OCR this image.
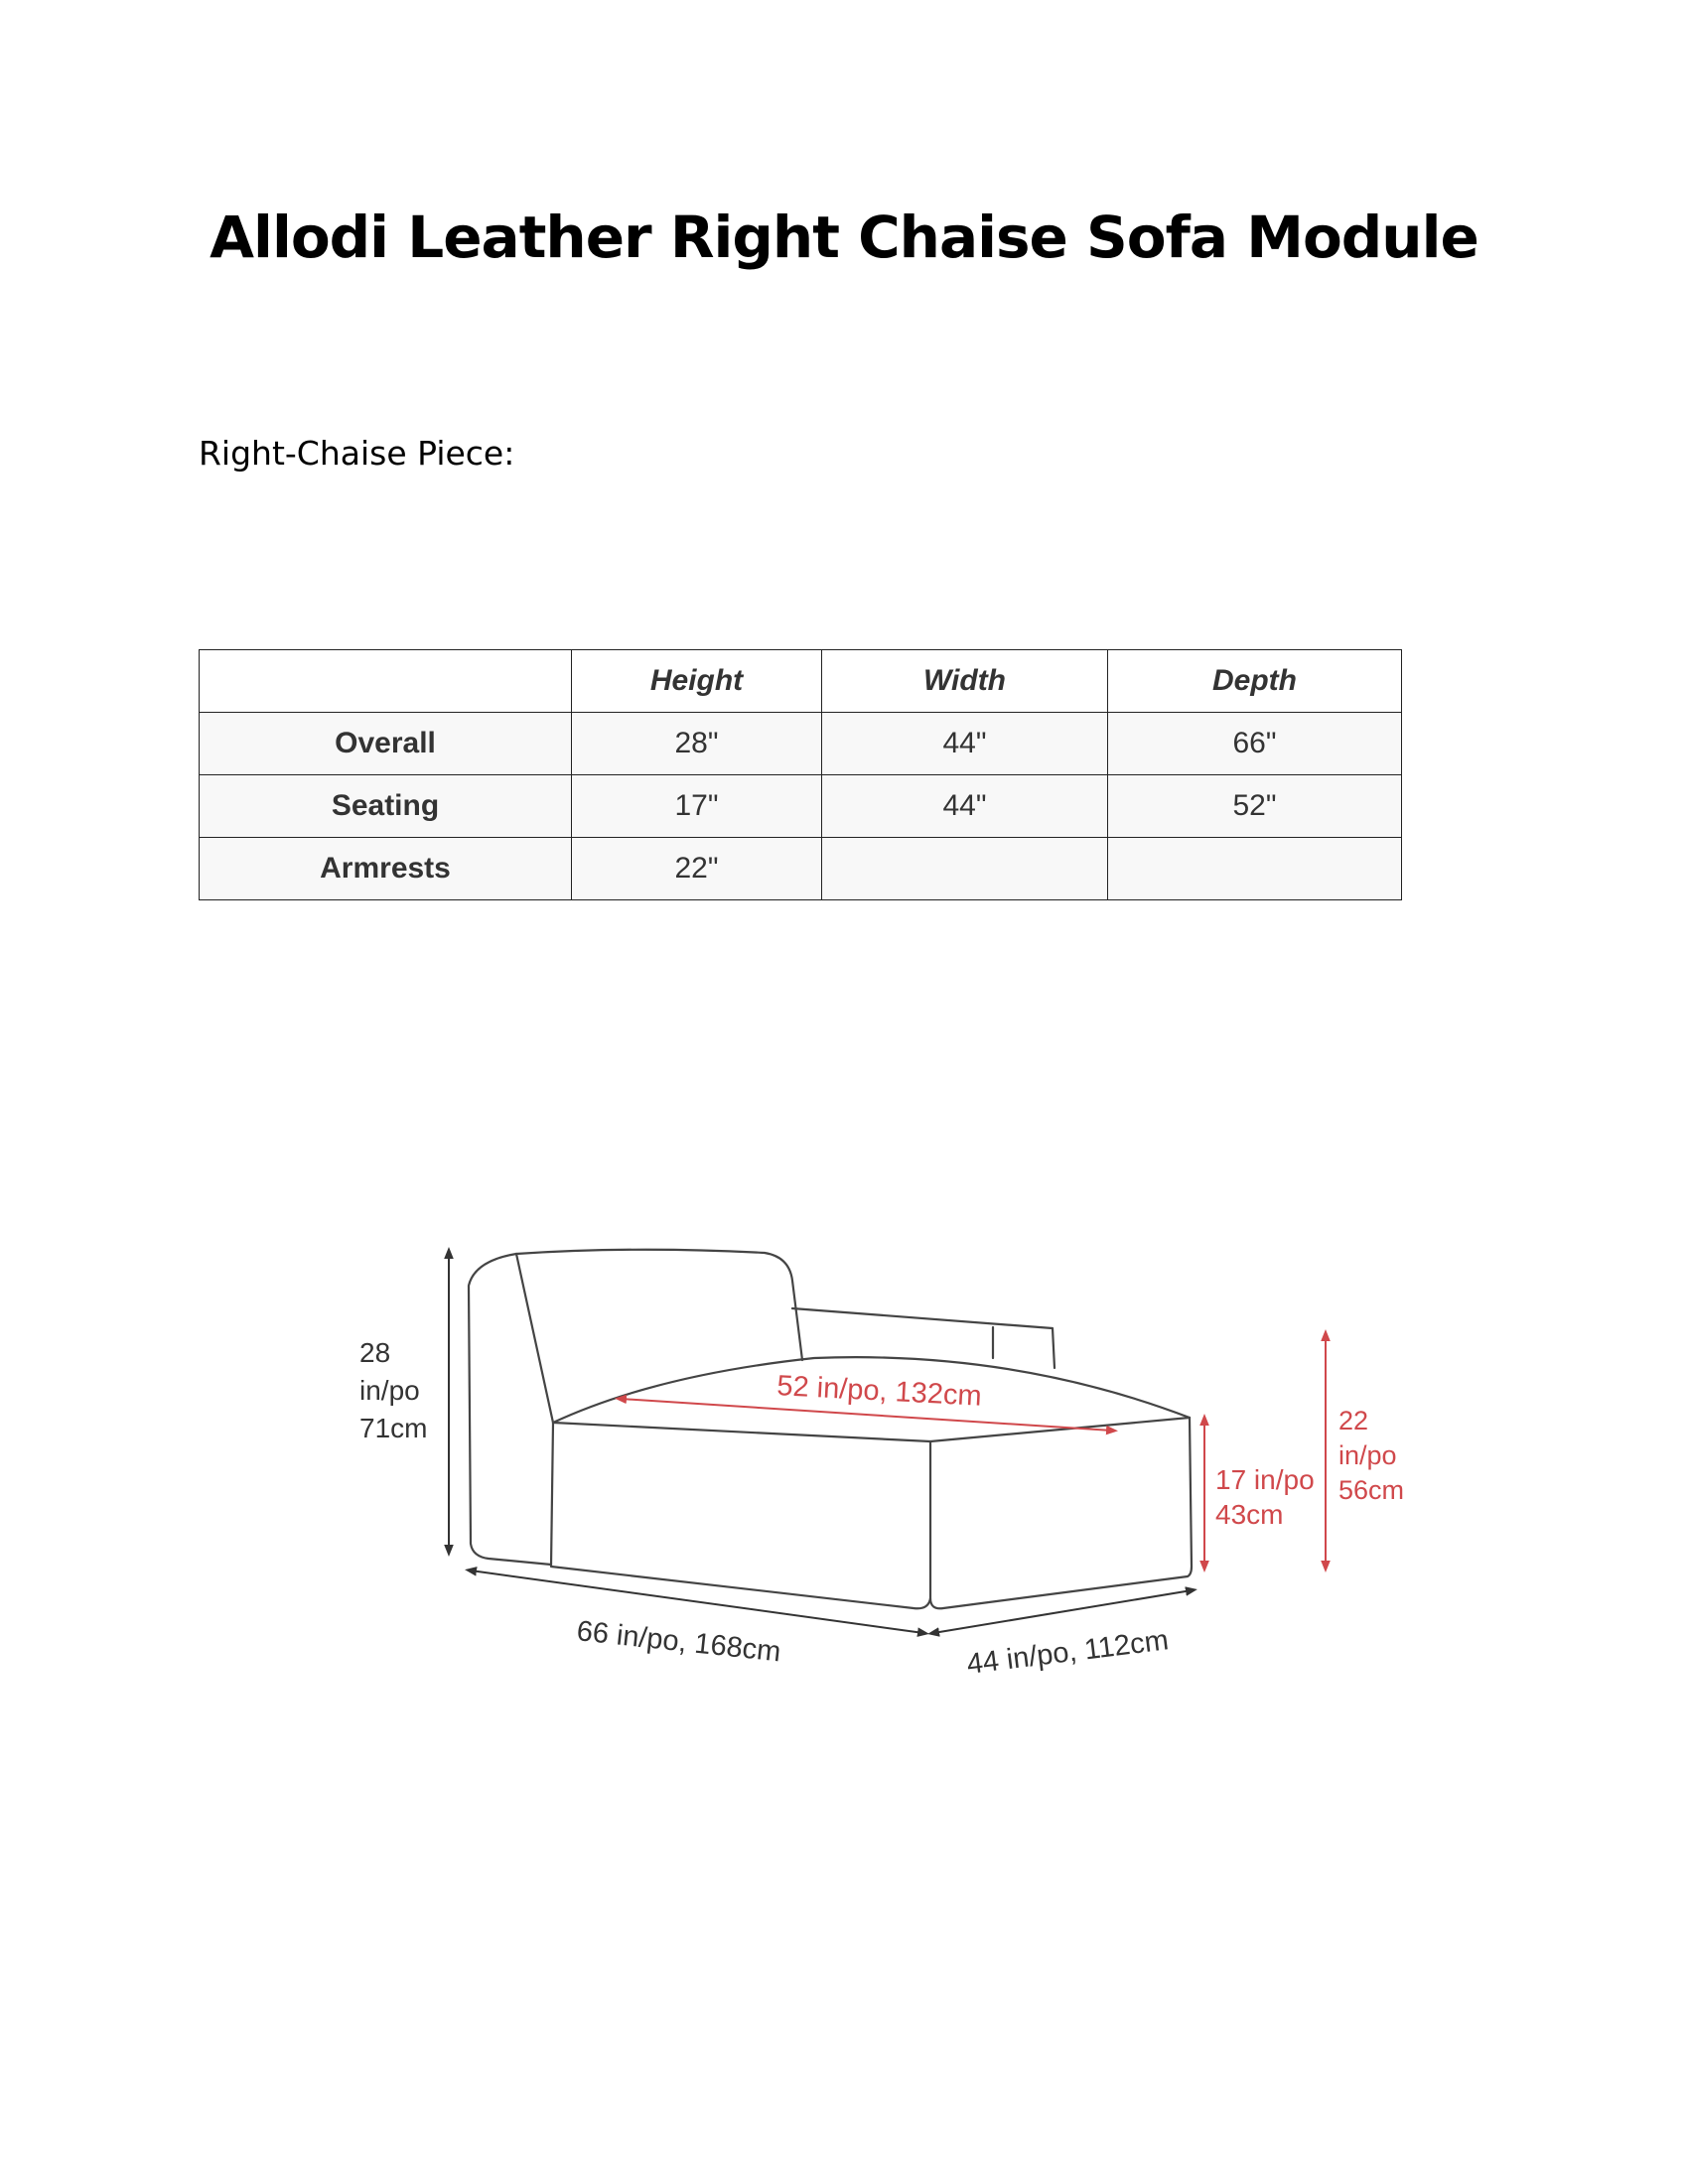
Allodi Leather Right Chaise Sofa Module

Right-Chaise Piece:

	Height	Width	Depth
Overall	28"	44"	66"
Seating	17"	44"	52"
Armrests	22"		
28
in/po
71cm
52 in/po, 132cm
17 in/po
43cm
22
in/po
56cm
66 in/po, 168cm	44 in/po, 112cm
